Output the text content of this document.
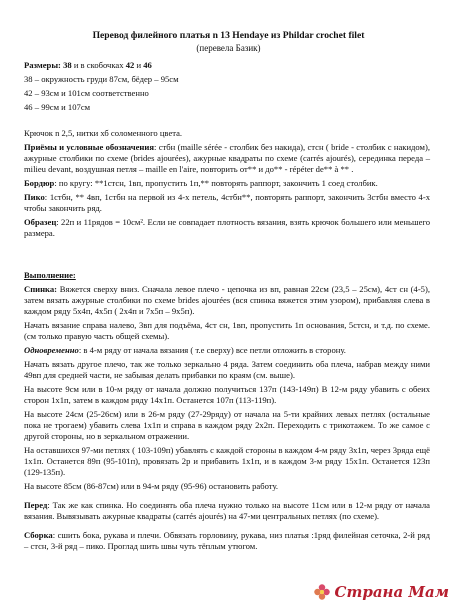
Перевод филейного платья n 13 Hendaye из Phildar crochet filet
(перевела Базик)

Размеры: 38 и в скобочках 42 и 46

38 – окружность груди 87см, бёдер – 95см

42 – 93см и 101см соответственно

46 – 99см и 107см

Крючок n 2,5, нитки хб соломенного цвета.

Приёмы и условные обозначения: стбн (maille sérée - столбик без накида), стсн ( bride - столбик с накидом), ажурные столбики по схеме (brides ajourées), ажурные квадраты по схеме (carrés ajourés), серединка переда – milieu devant, воздушная петля – maille en l'aire, повторить от** и до** - répéter de** à ** .

Бордюр: по кругу: **1стсн, 1вп, пропустить 1п,** повторять раппорт, закончить 1 соед столбик.

Пико: 1стбн, ** 4вп, 1стбн на первой из 4-х петель, 4стбн**, повторять раппорт, закончить 3стбн вместо 4-х чтобы закончить ряд.

Образец: 22п и 11рядов = 10см². Если не совпадает плотность вязания, взять крючок большего или меньшего размера.

Выполнение:

Спинка: Вяжется сверху вниз. Сначала левое плечо - цепочка из вп, равная 22см (23,5 – 25см), 4ст сн (4-5), затем вязать ажурные столбики по схеме brides ajourées (вся спинка вяжется этим узором), прибавляя слева в каждом ряду 5х4п, 4х5п ( 2х4п и 7х5п – 9х5п).

Начать вязание справа налево, 3вп для подъёма, 4ст сн, 1вп, пропустить 1п основания, 5стсн, и т.д. по схеме.(см только правую часть общей схемы).

Одновременно: в 4-м ряду от начала вязания ( т.е сверху) все петли отложить в сторону.

Начать вязать другое плечо, так же только зеркально 4 ряда. Затем соединить оба плеча, набрав между ними 49вп для средней части, не забывая делать прибавки по краям (см. выше).

На высоте 9см или в 10-м ряду от начала должно получиться 137п (143-149п) В 12-м ряду убавить с обеих сторон 1х1п, затем в каждом ряду 14х1п. Останется 107п (113-119п).

На высоте 24см (25-26см) или в 26-м ряду (27-29ряду) от начала на 5-ти крайних левых петлях (остальные пока не трогаем) убавить слева 1х1п и справа в каждом ряду 2х2п. Переходить с трикотажем. То же самое с другой стороны, но в зеркальном отражении.

На оставшихся 97-ми петлях ( 103-109п) убавлять с каждой стороны в каждом 4-м ряду 3х1п, через 3ряда ещё 1х1п. Останется 89п (95-101п), провязать 2р и прибавить 1х1п, и в каждом 3-м ряду 15х1п. Останется 123п (129-135п).

На высоте 85см (86-87см) или в 94-м ряду (95-96) остановить работу.

Перед: Так же как спинка. Но соединять оба плеча нужно только на высоте 11см или в 12-м ряду от начала вязания. Вывязывать ажурные квадраты (carrés ajourés) на 47-ми центральных петлях (по схеме).

Сборка: сшить бока, рукава и плечи. Обвязать горловину, рукава, низ платья :1ряд филейная сеточка, 2-й ряд – стсн, 3-й ряд – пико. Проглад шить швы чуть тёплым утюгом.

Страна Мам
